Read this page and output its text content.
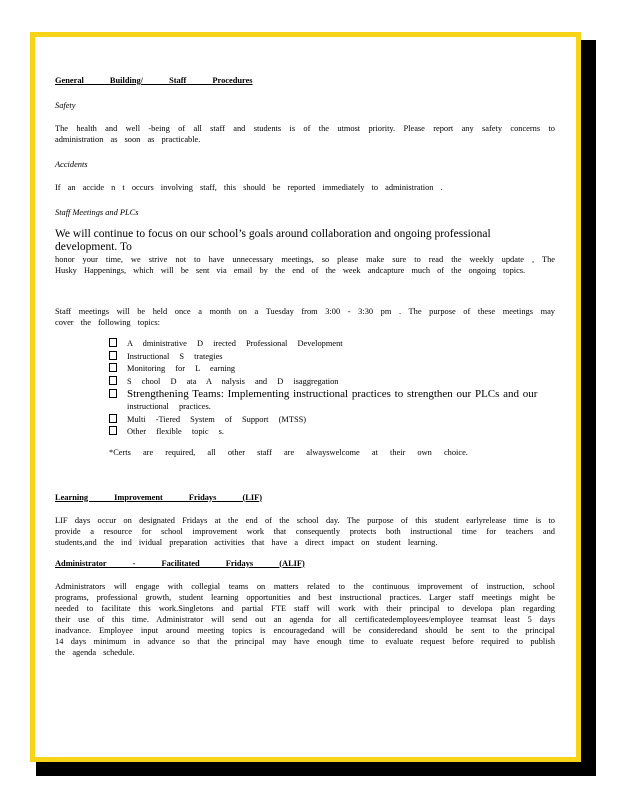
General Building/ Staff Procedures
Safety

The health and well -being of all staff and students is of the utmost priority. Please report any safety concerns to administration as soon as practicable.

Accidents

If an accide n t occurs involving staff, this should be reported immediately to administration .

Staff Meetings and PLCs

We will continue to focus on our school’s goals around collaboration and ongoing professional development. To

honor your time, we strive not to have unnecessary meetings, so please make sure to read the weekly update , The Husky Happenings, which will be sent via email by the end of the week andcapture much of the ongoing topics.

Staff meetings will be held once a month on a Tuesday from 3:00 - 3:30 pm . The purpose of these meetings may cover the following topics:

A dministrative D irected Professional Development
Instructional S trategies
Monitoring for L earning
S chool D ata A nalysis and D isaggregation
Strengthening Teams: Implementing instructional practices to strengthen our PLCs and our
instructional practices.
Multi -Tiered System of Support (MTSS)
Other flexible topic s.
*Certs are required, all other staff are alwayswelcome at their own choice.
Learning Improvement Fridays (LIF)

LIF days occur on designated Fridays at the end of the school day. The purpose of this student earlyrelease time is to provide a resource for school improvement work that consequently protects both instructional time for teachers and students,and the ind ividual preparation activities that have a direct impact on student learning.

Administrator - Facilitated Fridays (ALIF)

Administrators will engage with collegial teams on matters related to the continuous improvement of instruction, school programs, professional growth, student learning opportunities and best instructional practices. Larger staff meetings might be needed to facilitate this work.Singletons and partial FTE staff will work with their principal to developa plan regarding their use of this time. Administrator will send out an agenda for all certificatedemployees/employee teamsat least 5 days inadvance. Employee input around meeting topics is encouragedand will be consideredand should be sent to the principal 14 days minimum in advance so that the principal may have enough time to evaluate request before required to publish the agenda schedule.
